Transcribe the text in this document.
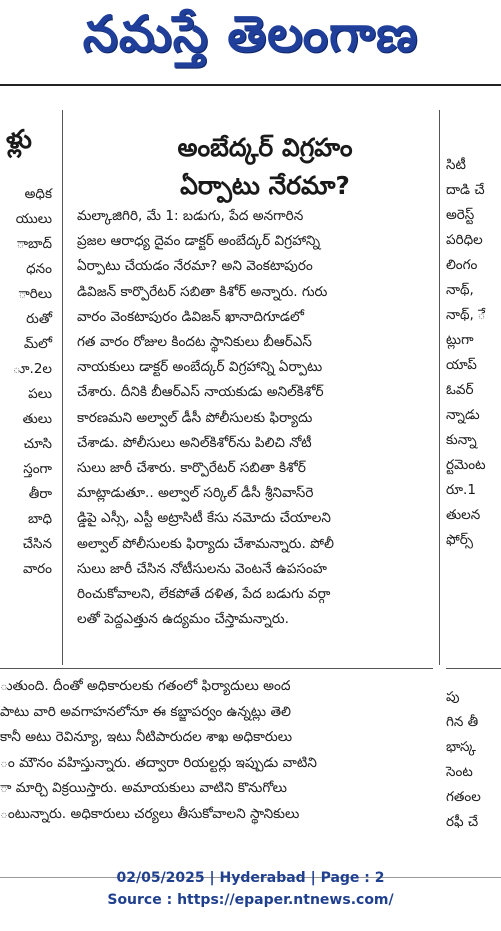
నమస్తే తెలంగాణ
ళ్లు
అధిక
యులు
ాబాద్
ధనం
ారిలు
రుతో
మ్‌లో
ూ.2ల
పలు
తులు
చూసి
స్తంగా
తీరా
బాధి
చేసిన
వారం
అంబేద్కర్ విగ్రహం
ఏర్పాటు నేరమా?
మల్కాజిగిరి, మే 1: బడుగు, పేద అనగారిన
ప్రజల ఆరాధ్య దైవం డాక్టర్ అంబేద్కర్ విగ్రహాన్ని
ఏర్పాటు చేయడం నేరమా? అని వెంకటాపురం
డివిజన్ కార్పొరేటర్ సబితా కిశోర్ అన్నారు. గురు
వారం వెంకటాపురం డివిజన్ ఖానాదిగూడలో
గత వారం రోజుల కిందట స్థానికులు బీఆర్ఎస్
నాయకులు డాక్టర్ అంబేద్కర్ విగ్రహాన్ని ఏర్పాటు
చేశారు. దీనికి బీఆర్ఎస్ నాయకుడు అనిల్‌కిశోర్
కారణమని అల్వాల్ డీసీ పోలీసులకు ఫిర్యాదు
చేశాడు. పోలీసులు అనిల్‌కిశోర్‌ను పిలిచి నోటీ
సులు జారీ చేశారు. కార్పొరేటర్ సబితా కిశోర్
మాట్లాడుతూ.. అల్వాల్ సర్కిల్ డీసీ శ్రీనివాస్‌రె
డ్డిపై ఎస్సీ, ఎస్టీ అట్రాసిటీ కేసు నమోదు చేయాలని
అల్వాల్ పోలీసులకు ఫిర్యాదు చేశామన్నారు. పోలీ
సులు జారీ చేసిన నోటీసులను వెంటనే ఉపసంహ
రించుకోవాలని, లేకపోతే దళిత, పేద బడుగు వర్గా
లతో పెద్దఎత్తున ఉద్యమం చేస్తామన్నారు.
సిటీ
దాడి చే
అరెస్ట్
పరిధిల
లింగం
నాథ్,
నాథ్, ే
ట్లుగా
యాప్
ఓవర్
న్నాడు
కున్నా
ర్టమెంట
రూ.1
తులన
ఫోర్స్
పు
గిన తీ
భాస్క
సెంట
గతంల
రఫీ చే
ుతుంది. దీంతో అధికారులకు గతంలో ఫిర్యాదులు అంద
పాటు వారి అవగాహనలోనూ ఈ కబ్జాపర్వం ఉన్నట్లు తెలి
కానీ అటు రెవిన్యూ, ఇటు నీటిపారుదల శాఖ అధికారులు
ం మౌనం వహిస్తున్నారు. తద్వారా రియల్టర్లు ఇప్పుడు వాటిని
ా మార్చి విక్రయిస్తారు. అమాయకులు వాటిని కొనుగోలు
ంటున్నారు. అధికారులు చర్యలు తీసుకోవాలని స్థానికులు
02/05/2025 | Hyderabad | Page : 2
Source : https://epaper.ntnews.com/
